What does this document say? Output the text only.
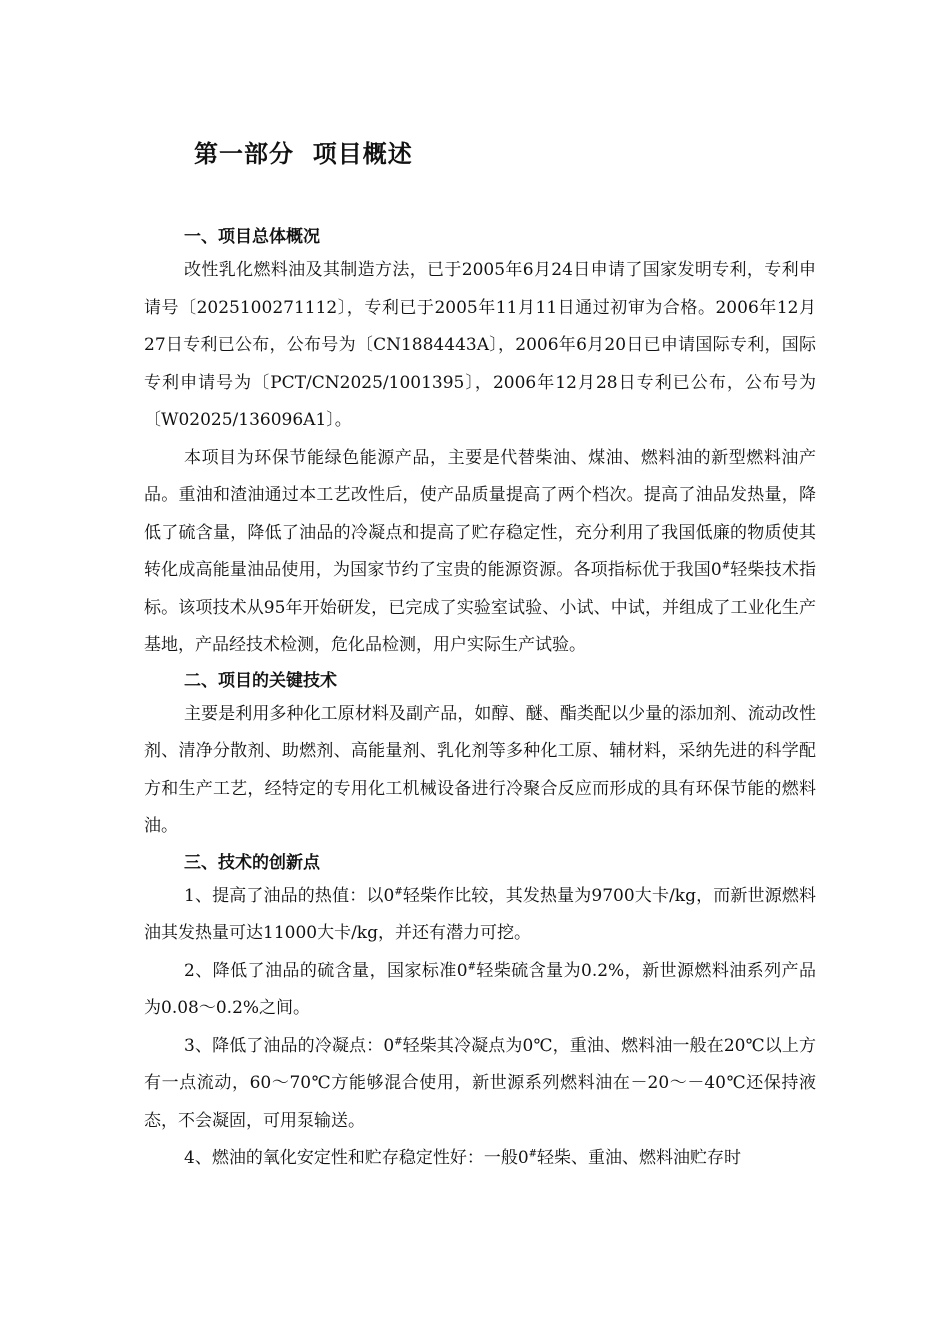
第一部分  项目概述
一、项目总体概况

改性乳化燃料油及其制造方法，已于2005年6月24日申请了国家发明专利，专利申请号〔2025100271112〕，专利已于2005年11月11日通过初审为合格。2006年12月27日专利已公布，公布号为〔CN1884443A〕，2006年6月20日已申请国际专利，国际专利申请号为〔PCT/CN2025/1001395〕，2006年12月28日专利已公布，公布号为〔W02025/136096A1〕。

本项目为环保节能绿色能源产品，主要是代替柴油、煤油、燃料油的新型燃料油产品。重油和渣油通过本工艺改性后，使产品质量提高了两个档次。提高了油品发热量，降低了硫含量，降低了油品的冷凝点和提高了贮存稳定性，充分利用了我国低廉的物质使其转化成高能量油品使用，为国家节约了宝贵的能源资源。各项指标优于我国0#轻柴技术指标。该项技术从95年开始研发，已完成了实验室试验、小试、中试，并组成了工业化生产基地，产品经技术检测，危化品检测，用户实际生产试验。

二、项目的关键技术

主要是利用多种化工原材料及副产品，如醇、醚、酯类配以少量的添加剂、流动改性剂、清净分散剂、助燃剂、高能量剂、乳化剂等多种化工原、辅材料，采纳先进的科学配方和生产工艺，经特定的专用化工机械设备进行冷聚合反应而形成的具有环保节能的燃料油。

三、技术的创新点

1、提高了油品的热值：以0#轻柴作比较，其发热量为9700大卡/kg，而新世源燃料油其发热量可达11000大卡/kg，并还有潜力可挖。

2、降低了油品的硫含量，国家标准0#轻柴硫含量为0.2%，新世源燃料油系列产品为0.08～0.2%之间。

3、降低了油品的冷凝点：0#轻柴其冷凝点为0℃，重油、燃料油一般在20℃以上方有一点流动，60～70℃方能够混合使用，新世源系列燃料油在－20～－40℃还保持液态，不会凝固，可用泵输送。

4、燃油的氧化安定性和贮存稳定性好：一般0#轻柴、重油、燃料油贮存时
